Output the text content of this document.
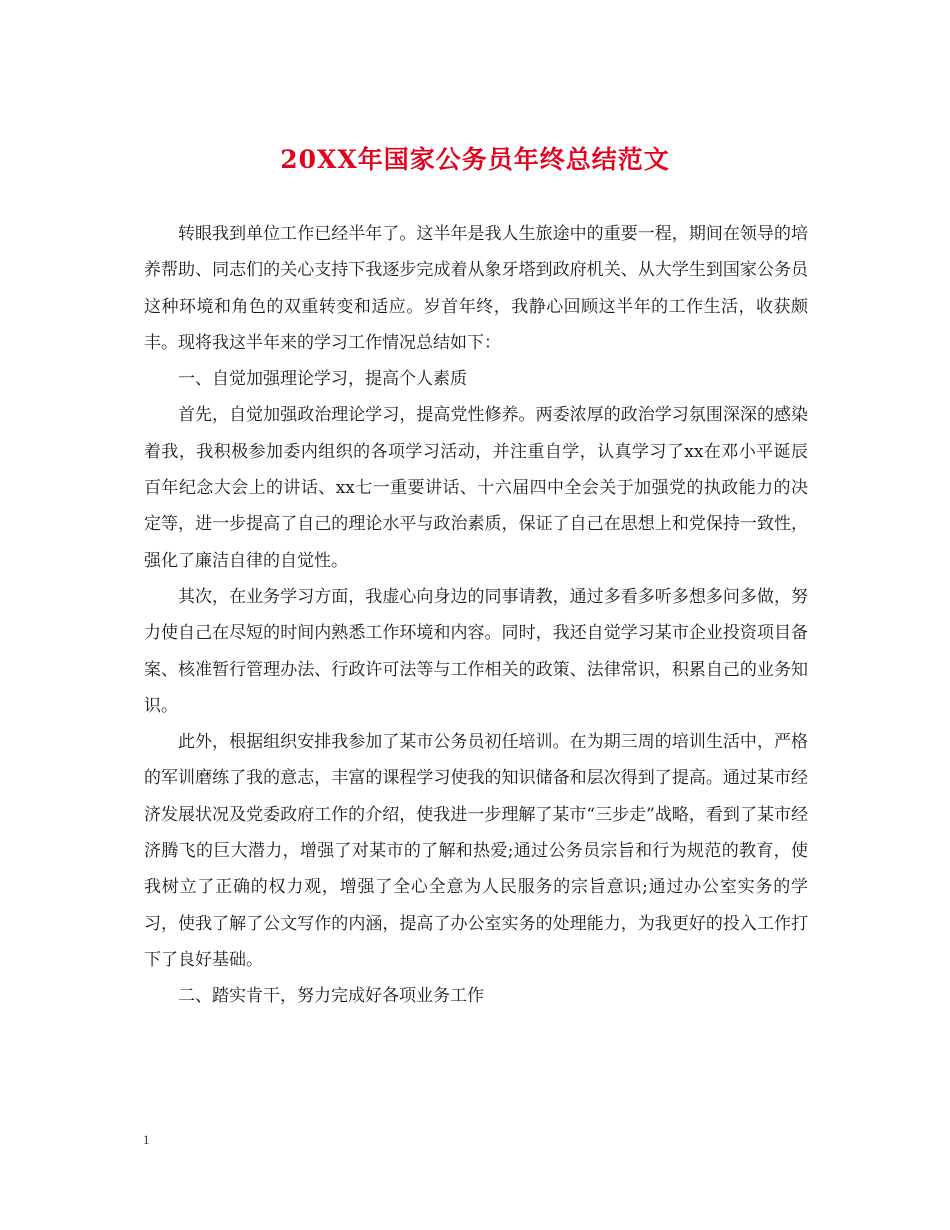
20XX年国家公务员年终总结范文

转眼我到单位工作已经半年了。这半年是我人生旅途中的重要一程，期间在领导的培养帮助、同志们的关心支持下我逐步完成着从象牙塔到政府机关、从大学生到国家公务员这种环境和角色的双重转变和适应。岁首年终，我静心回顾这半年的工作生活，收获颇丰。现将我这半年来的学习工作情况总结如下：

一、自觉加强理论学习，提高个人素质

首先，自觉加强政治理论学习，提高党性修养。两委浓厚的政治学习氛围深深的感染着我，我积极参加委内组织的各项学习活动，并注重自学，认真学习了xx在邓小平诞辰百年纪念大会上的讲话、xx七一重要讲话、十六届四中全会关于加强党的执政能力的决定等，进一步提高了自己的理论水平与政治素质，保证了自己在思想上和党保持一致性，强化了廉洁自律的自觉性。

其次，在业务学习方面，我虚心向身边的同事请教，通过多看多听多想多问多做，努力使自己在尽短的时间内熟悉工作环境和内容。同时，我还自觉学习某市企业投资项目备案、核准暂行管理办法、行政许可法等与工作相关的政策、法律常识，积累自己的业务知识。

此外，根据组织安排我参加了某市公务员初任培训。在为期三周的培训生活中，严格的军训磨练了我的意志，丰富的课程学习使我的知识储备和层次得到了提高。通过某市经济发展状况及党委政府工作的介绍，使我进一步理解了某市“三步走”战略，看到了某市经济腾飞的巨大潜力，增强了对某市的了解和热爱;通过公务员宗旨和行为规范的教育，使我树立了正确的权力观，增强了全心全意为人民服务的宗旨意识;通过办公室实务的学习，使我了解了公文写作的内涵，提高了办公室实务的处理能力，为我更好的投入工作打下了良好基础。

二、踏实肯干，努力完成好各项业务工作

1
